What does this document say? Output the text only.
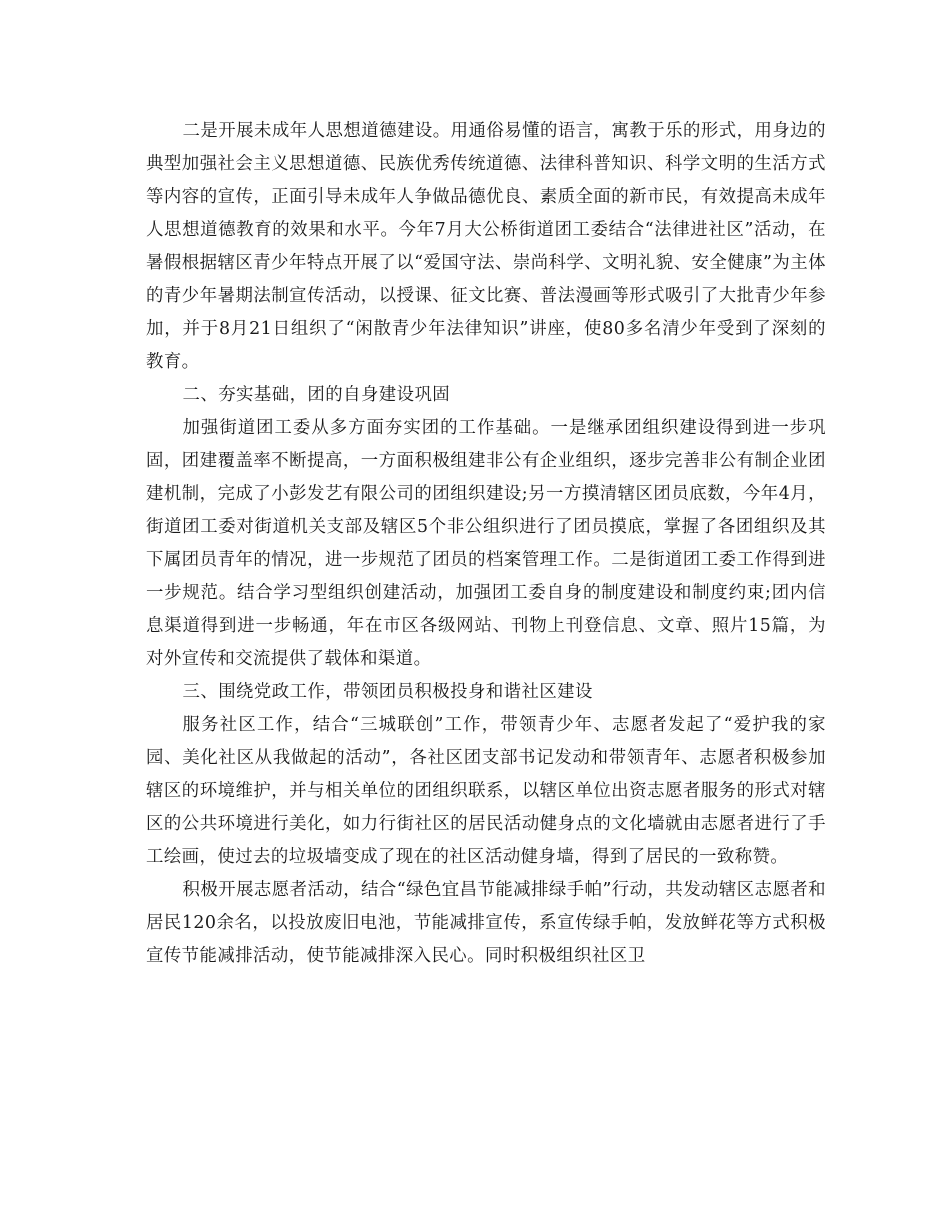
二是开展未成年人思想道德建设。用通俗易懂的语言，寓教于乐的形式，用身边的典型加强社会主义思想道德、民族优秀传统道德、法律科普知识、科学文明的生活方式等内容的宣传，正面引导未成年人争做品德优良、素质全面的新市民，有效提高未成年人思想道德教育的效果和水平。今年7月大公桥街道团工委结合“法律进社区”活动，在暑假根据辖区青少年特点开展了以“爱国守法、崇尚科学、文明礼貌、安全健康”为主体的青少年暑期法制宣传活动，以授课、征文比赛、普法漫画等形式吸引了大批青少年参加，并于8月21日组织了“闲散青少年法律知识”讲座，使80多名清少年受到了深刻的教育。

二、夯实基础，团的自身建设巩固

加强街道团工委从多方面夯实团的工作基础。一是继承团组织建设得到进一步巩固，团建覆盖率不断提高，一方面积极组建非公有企业组织，逐步完善非公有制企业团建机制，完成了小彭发艺有限公司的团组织建设;另一方摸清辖区团员底数，今年4月，街道团工委对街道机关支部及辖区5个非公组织进行了团员摸底，掌握了各团组织及其下属团员青年的情况，进一步规范了团员的档案管理工作。二是街道团工委工作得到进一步规范。结合学习型组织创建活动，加强团工委自身的制度建设和制度约束;团内信息渠道得到进一步畅通，年在市区各级网站、刊物上刊登信息、文章、照片15篇，为对外宣传和交流提供了载体和渠道。

三、围绕党政工作，带领团员积极投身和谐社区建设

服务社区工作，结合“三城联创”工作，带领青少年、志愿者发起了“爱护我的家园、美化社区从我做起的活动”，各社区团支部书记发动和带领青年、志愿者积极参加辖区的环境维护，并与相关单位的团组织联系，以辖区单位出资志愿者服务的形式对辖区的公共环境进行美化，如力行街社区的居民活动健身点的文化墙就由志愿者进行了手工绘画，使过去的垃圾墙变成了现在的社区活动健身墙，得到了居民的一致称赞。

积极开展志愿者活动，结合“绿色宜昌节能减排绿手帕”行动，共发动辖区志愿者和居民120余名，以投放废旧电池，节能减排宣传，系宣传绿手帕，发放鲜花等方式积极宣传节能减排活动，使节能减排深入民心。同时积极组织社区卫
